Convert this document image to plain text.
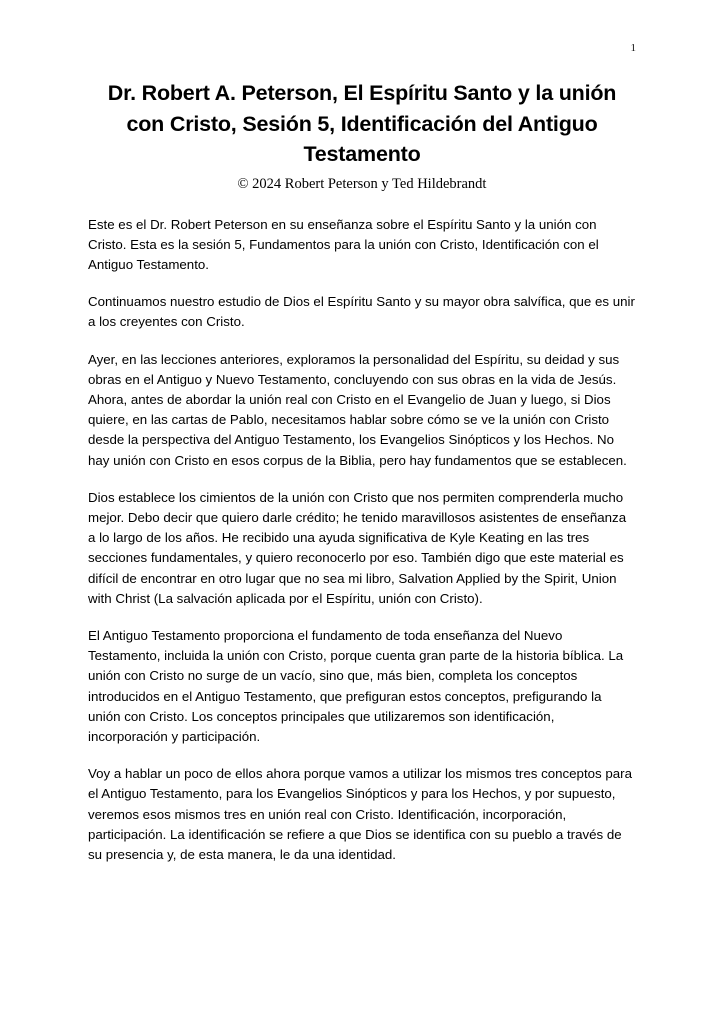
1
Dr. Robert A. Peterson, El Espíritu Santo y la unión con Cristo, Sesión 5, Identificación del Antiguo Testamento
© 2024 Robert Peterson y Ted Hildebrandt

Este es el Dr. Robert Peterson en su enseñanza sobre el Espíritu Santo y la unión con Cristo. Esta es la sesión 5, Fundamentos para la unión con Cristo, Identificación con el Antiguo Testamento.

Continuamos nuestro estudio de Dios el Espíritu Santo y su mayor obra salvífica, que es unir a los creyentes con Cristo.

Ayer, en las lecciones anteriores, exploramos la personalidad del Espíritu, su deidad y sus obras en el Antiguo y Nuevo Testamento, concluyendo con sus obras en la vida de Jesús. Ahora, antes de abordar la unión real con Cristo en el Evangelio de Juan y luego, si Dios quiere, en las cartas de Pablo, necesitamos hablar sobre cómo se ve la unión con Cristo desde la perspectiva del Antiguo Testamento, los Evangelios Sinópticos y los Hechos. No hay unión con Cristo en esos corpus de la Biblia, pero hay fundamentos que se establecen.

Dios establece los cimientos de la unión con Cristo que nos permiten comprenderla mucho mejor. Debo decir que quiero darle crédito; he tenido maravillosos asistentes de enseñanza a lo largo de los años. He recibido una ayuda significativa de Kyle Keating en las tres secciones fundamentales, y quiero reconocerlo por eso. También digo que este material es difícil de encontrar en otro lugar que no sea mi libro, Salvation Applied by the Spirit, Union with Christ (La salvación aplicada por el Espíritu, unión con Cristo).

El Antiguo Testamento proporciona el fundamento de toda enseñanza del Nuevo Testamento, incluida la unión con Cristo, porque cuenta gran parte de la historia bíblica. La unión con Cristo no surge de un vacío, sino que, más bien, completa los conceptos introducidos en el Antiguo Testamento, que prefiguran estos conceptos, prefigurando la unión con Cristo. Los conceptos principales que utilizaremos son identificación, incorporación y participación.

Voy a hablar un poco de ellos ahora porque vamos a utilizar los mismos tres conceptos para el Antiguo Testamento, para los Evangelios Sinópticos y para los Hechos, y por supuesto, veremos esos mismos tres en unión real con Cristo. Identificación, incorporación, participación. La identificación se refiere a que Dios se identifica con su pueblo a través de su presencia y, de esta manera, le da una identidad.
